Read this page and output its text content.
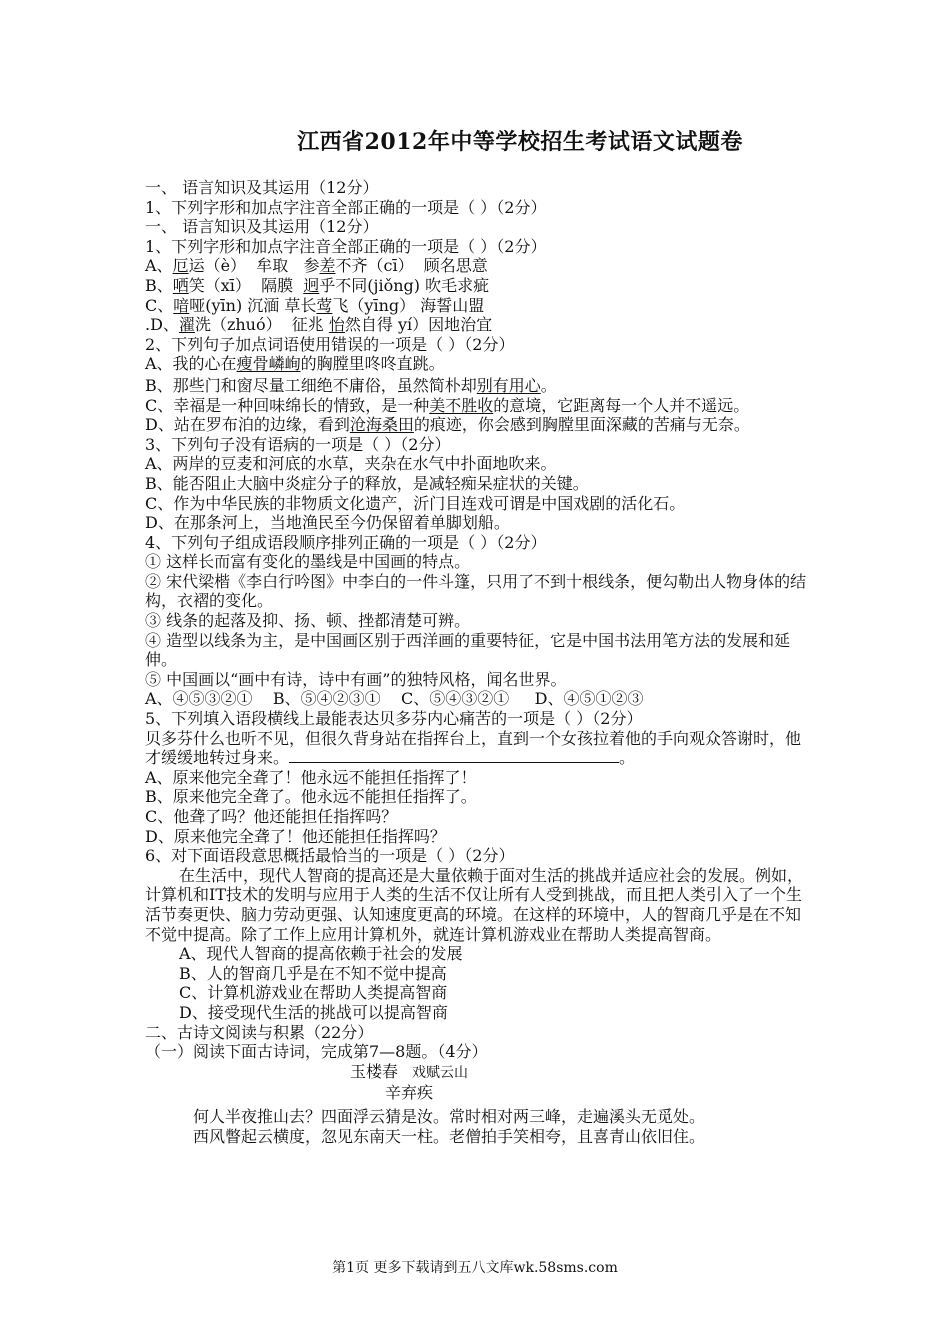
江西省2012年中等学校招生考试语文试题卷

一、 语言知识及其运用（12分）

1、下列字形和加点字注音全部正确的一项是（ ）（2分）

一、 语言知识及其运用（12分）

1、下列字形和加点字注音全部正确的一项是（ ）（2分）

A、厄运（è）  牟取   参差不齐（cī）  顾名思意

B、哂笑（xī）  隔膜  迥乎不同(jiǒng) 吹毛求疵

C、喑哑(yīn) 沉湎 草长莺飞（yīng） 海誓山盟

.D、濯洗（zhuó）  征兆 怡然自得 yí）因地治宜

2、下列句子加点词语使用错误的一项是（ ）（2分）

A、我的心在瘦骨嶙峋的胸膛里咚咚直跳。

B、那些门和窗尽量工细绝不庸俗，虽然简朴却别有用心。

C、幸福是一种回味绵长的情致，是一种美不胜收的意境，它距离每一个人并不遥远。

D、站在罗布泊的边缘，看到沧海桑田的痕迹，你会感到胸膛里面深藏的苦痛与无奈。

3、下列句子没有语病的一项是（ ）（2分）

A、两岸的豆麦和河底的水草，夹杂在水气中扑面地吹来。

B、能否阻止大脑中炎症分子的释放，是减轻痴呆症状的关键。

C、作为中华民族的非物质文化遗产，沂门目连戏可谓是中国戏剧的活化石。

D、在那条河上，当地渔民至今仍保留着单脚划船。

4、下列句子组成语段顺序排列正确的一项是（ ）（2分）

① 这样长而富有变化的墨线是中国画的特点。

② 宋代梁楷《李白行吟图》中李白的一件斗篷，只用了不到十根线条，便勾勒出人物身体的结构，衣褶的变化。

③ 线条的起落及抑、扬、顿、挫都清楚可辨。

④ 造型以线条为主，是中国画区别于西洋画的重要特征，它是中国书法用笔方法的发展和延伸。

⑤ 中国画以“画中有诗，诗中有画”的独特风格，闻名世界。

A、④⑤③②①    B、⑤④②③①    C、⑤④③②①     D、④⑤①②③

5、下列填入语段横线上最能表达贝多芬内心痛苦的一项是（ ）（2分）

贝多芬什么也听不见，但很久背身站在指挥台上，直到一个女孩拉着他的手向观众答谢时，他才缓缓地转过身来。	。

A、原来他完全聋了！他永远不能担任指挥了！

B、原来他完全聋了。他永远不能担任指挥了。

C、他聋了吗？他还能担任指挥吗？

D、原来他完全聋了！他还能担任指挥吗？

6、对下面语段意思概括最恰当的一项是（ ）（2分）

在生活中，现代人智商的提高还是大量依赖于面对生活的挑战并适应社会的发展。例如，计算机和IT技术的发明与应用于人类的生活不仅让所有人受到挑战，而且把人类引入了一个生活节奏更快、脑力劳动更强、认知速度更高的环境。在这样的环境中，人的智商几乎是在不知不觉中提高。除了工作上应用计算机外，就连计算机游戏业在帮助人类提高智商。

A、现代人智商的提高依赖于社会的发展

B、人的智商几乎是在不知不觉中提高

C、计算机游戏业在帮助人类提高智商

D、接受现代生活的挑战可以提高智商

二、古诗文阅读与积累（22分）

（一）阅读下面古诗词，完成第7—8题。（4分）

玉楼春 戏赋云山

辛弃疾

何人半夜推山去？四面浮云猜是汝。常时相对两三峰，走遍溪头无觅处。

西风瞥起云横度，忽见东南天一柱。老僧拍手笑相夸，且喜青山依旧住。

第1页 更多下载请到五八文库wk.58sms.com
